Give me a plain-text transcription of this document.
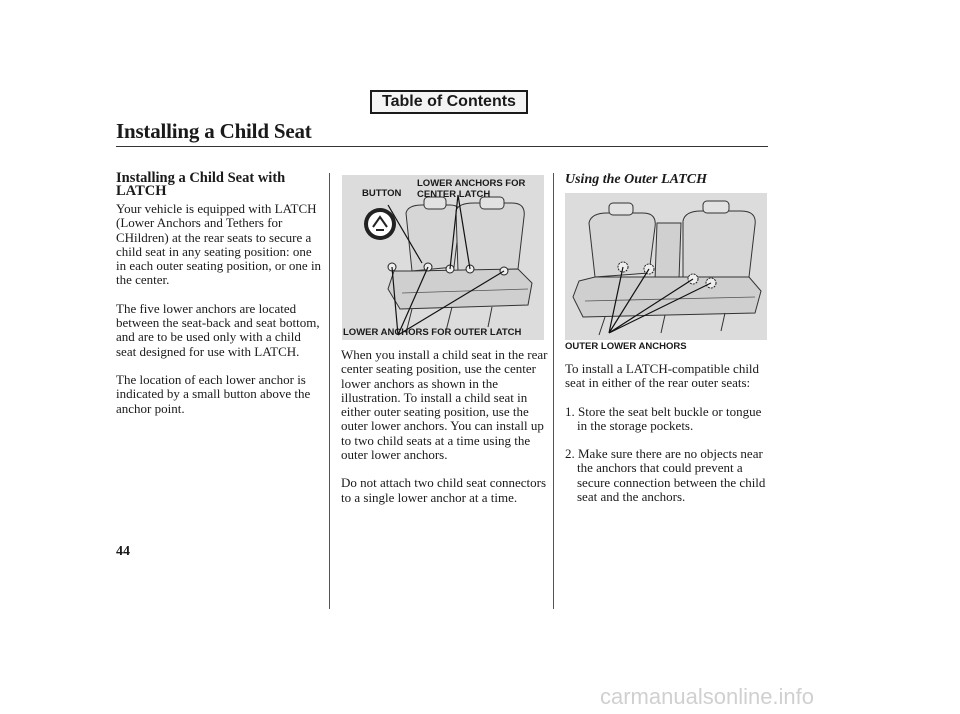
Table of Contents
Installing a Child Seat
Installing a Child Seat with LATCH

Your vehicle is equipped with LATCH (Lower Anchors and Tethers for CHildren) at the rear seats to secure a child seat in any seating position: one in each outer seating position, or one in the center.

The five lower anchors are located between the seat-back and seat bottom, and are to be used only with a child seat designed for use with LATCH.

The location of each lower anchor is indicated by a small button above the anchor point.

BUTTON
LOWER ANCHORS FOR CENTER LATCH
LOWER ANCHORS FOR OUTER LATCH

When you install a child seat in the rear center seating position, use the center lower anchors as shown in the illustration. To install a child seat in either outer seating position, use the outer lower anchors. You can install up to two child seats at a time using the outer lower anchors.

Do not attach two child seat connectors to a single lower anchor at a time.

Using the Outer LATCH
OUTER LOWER ANCHORS

To install a LATCH-compatible child seat in either of the rear outer seats:

1. Store the seat belt buckle or tongue in the storage pockets.
2. Make sure there are no objects near the anchors that could prevent a secure connection between the child seat and the anchors.
44
carmanualsonline.info
